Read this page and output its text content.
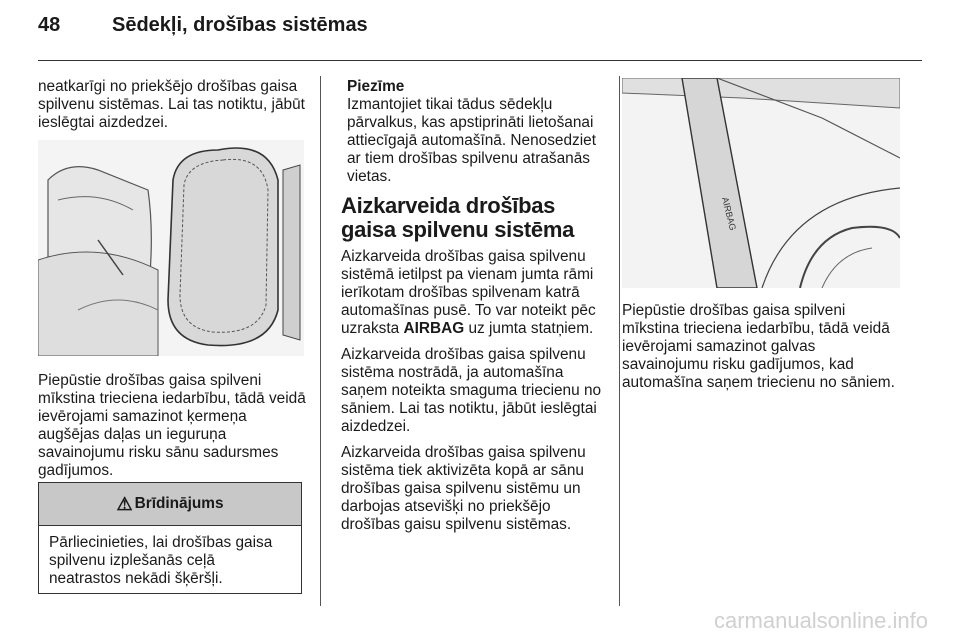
48	Sēdekļi, drošības sistēmas

neatkarīgi no priekšējo drošības gaisa spilvenu sistēmas. Lai tas notiktu, jābūt ieslēgtai aizdedzei.

Piepūstie drošības gaisa spilveni mīkstina trieciena iedarbību, tādā veidā ievērojami samazinot ķermeņa augšējas daļas un ieguruņa savainojumu risku sānu sadursmes gadījumos.

⚠ Brīdinājums
Pārliecinieties, lai drošības gaisa spilvenu izplešanās ceļā neatrastos nekādi šķēršļi.
Piezīme

Izmantojiet tikai tādus sēdekļu pārvalkus, kas apstiprināti lietošanai attiecīgajā automašīnā. Nenosedziet ar tiem drošības spilvenu atrašanās vietas.

Aizkarveida drošības gaisa spilvenu sistēma

Aizkarveida drošības gaisa spilvenu sistēmā ietilpst pa vienam jumta rāmi ierīkotam drošības spilvenam katrā automašīnas pusē. To var noteikt pēc uzraksta AIRBAG uz jumta statņiem.

Aizkarveida drošības gaisa spilvenu sistēma nostrādā, ja automašīna saņem noteikta smaguma triecienu no sāniem. Lai tas notiktu, jābūt ieslēgtai aizdedzei.

Aizkarveida drošības gaisa spilvenu sistēma tiek aktivizēta kopā ar sānu drošības gaisa spilvenu sistēmu un darbojas atsevišķi no priekšējo drošības gaisu spilvenu sistēmas.

AIRBAG

Piepūstie drošības gaisa spilveni mīkstina trieciena iedarbību, tādā veidā ievērojami samazinot galvas savainojumu risku gadījumos, kad automašīna saņem triecienu no sāniem.

carmanualsonline.info
